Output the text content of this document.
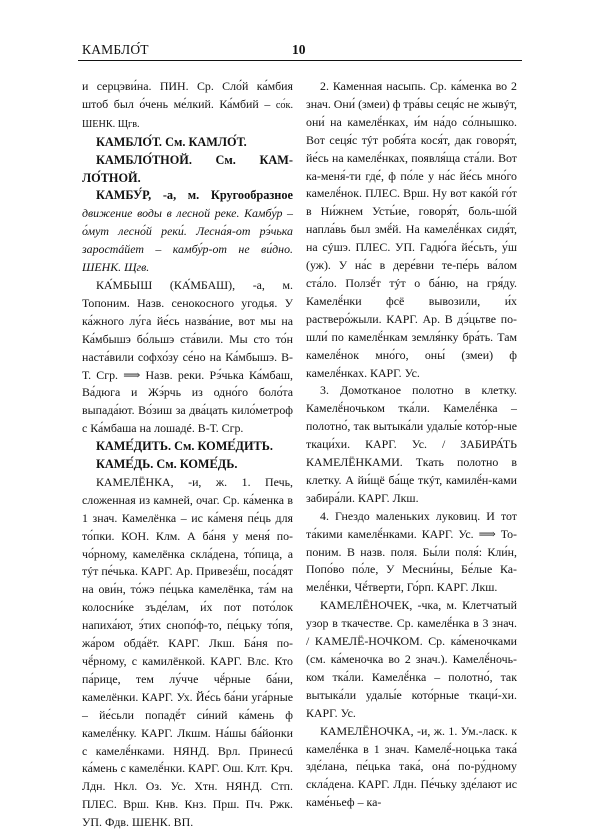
КАМБЛО́Т	10

и серцэви́на. ПИН. Ср. Сло́й ка́мбия штоб был о́чень ме́лкий. Ка́мбий – со́к. ШЕНК. Щгв.

КАМБЛО́Т. См. КАМЛО́Т.

КАМБЛО́ТНОЙ. См. КАМ- ЛО́ТНОЙ.

КАМБУ́Р, -а, м. Кругообразное движение воды в лесной реке. Камбу́р – о́мут лесно́й реки́. Лесна́я-от рэ́чька заростáйет – камбу́р-от не ви́дно. ШЕНК. Щгв.

КА́МБЫШ (КА́МБАШ), -а, м. Топоним. Назв. сенокосного угодья. У ка́жного лу́га йе́сь назва́ние, вот мы на Ка́мбышэ бо́льшэ ста́вили. Мы сто то́н наста́вили софхо́зу се́но на Ка́мбышэ. В-Т. Сгр. ⟹ Назв. реки. Рэ́чька Ка́мбаш, Ва́дюга и Жэ́рчь из одно́го боло́та выпада́ют. Во́зиш за два́цать кило́метроф с Ка́мбаша на лошадé. В-Т. Сгр.

КАМЕ́ДИТЬ. См. КОМЕ́ДИТЬ.

КАМЕ́ДЬ. См. КОМЕ́ДЬ.

КАМЕЛЁНКА, -и, ж. 1. Печь, сложенная из камней, очаг. Ср. ка́менка в 1 знач. Камелёнка – ис ка́меня пе́ць для то́пки. КОН. Клм. А ба́ня у меня́ по-чо́рному, камелёнка скла́дена, то́пица, а тýт пе́чька. КАРГ. Ар. Привезё́ш, поса́дят на ови́н, то́жэ пе́цька камелёнка, та́м на колосни́ке зъде́лам, и́х пот пото́лок напиха́ют, э́тих снопо́ф-то, пе́цьку то́пя, жа́ром обда́ёт. КАРГ. Лкш. Ба́ня по-чё́рному, с камилёнкой. КАРГ. Влс. Кто па́рице, тем лу́чче чё́рные ба́ни, камелёнки. КАРГ. Ух. Йе́сь ба́ни уга́рные – йе́сьли попадё́т си́ний ка́мень ф камелё́нку. КАРГ. Лкшм. На́шы ба́йонки с камелё́нками. НЯНД. Врл. Принесú ка́мень с камелё́нки. КАРГ. Ош. Клт. Крч. Лдн. Нкл. Оз. Ус. Хтн. НЯНД. Стп. ПЛЕС. Врш. Кнв. Кнз. Прш. Пч. Ржк. УП. Фдв. ШЕНК. ВП.

2. Каменная насыпь. Ср. ка́менка во 2 знач. Они́ (змеи) ф тра́вы сеця́с не жывýт, они́ на камелё́нках, и́м на́до со́лнышко. Вот сеця́с тýт робя́та кося́т, дак говоря́т, йе́сь на камелё́нках, появля́ща ста́ли. Вот ка-меня́-ти где́, ф по́ле у на́с йе́сь мно́го камелё́нок. ПЛЕС. Врш. Ну вот како́й го́т в Ни́жнем Усть́ие, говоря́т, боль-шо́й напла́вь был змё́й. На камелё́нках сидя́т, на сýшэ. ПЛЕС. УП. Гадю́га йе́сьть, у́ш (уж). У на́с в дере́вни те-пе́рь ва́лом ста́ло. Ползё́т тýт о ба́ню, на гря́ду. Камелё́нки фсё вывозили, и́х растверо́жыли. КАРГ. Ар. В дэ́цьтве по-шли́ по камелё́нкам земля́нку бра́ть. Там камелё́нок мно́го, оны́ (змеи) ф камелё́нках. КАРГ. Ус.

3. Домотканое полотно в клетку. Камелё́ночьком тка́ли. Камелё́нка – полотно́, так вытыка́ли удалы́е кото́р-ные ткаци́хи. КАРГ. Ус. / ЗАБИРА́ТЬ КАМЕЛЁНКАМИ. Ткать полотно в клетку. А йи́щё ба́ще ткýт, камилё́н-ками забира́ли. КАРГ. Лкш.

4. Гнездо маленьких луковиц. И тот та́кими камелё́нками. КАРГ. Ус. ⟹ То-поним. В назв. поля. Бы́ли поля́: Кли́н, Попо́во по́ле, У Месни́ны, Бе́лые Ка-мелё́нки, Чё́тверти, Го́рп. КАРГ. Лкш.

КАМЕЛЁНОЧЕК, -чка, м. Клетчатый узор в ткачестве. Ср. камелё́нка в 3 знач. / КАМЕЛЁ-НОЧКОМ. Ср. ка́меночками (см. ка́меночка во 2 знач.). Камелё́ночь-ком тка́ли. Камелё́нка – полотно́, так вытыка́ли удалы́е кото́рные ткаци́-хи. КАРГ. Ус.

КАМЕЛЁНОЧКА, -и, ж. 1. Ум.-ласк. к камелё́нка в 1 знач. Камелё́-ноцька така́ зде́лана, пе́цька така́, она́ по-ру́дному скла́дена. КАРГ. Лдн. Пе́чьку зде́лают ис каме́ньеф – ка-
